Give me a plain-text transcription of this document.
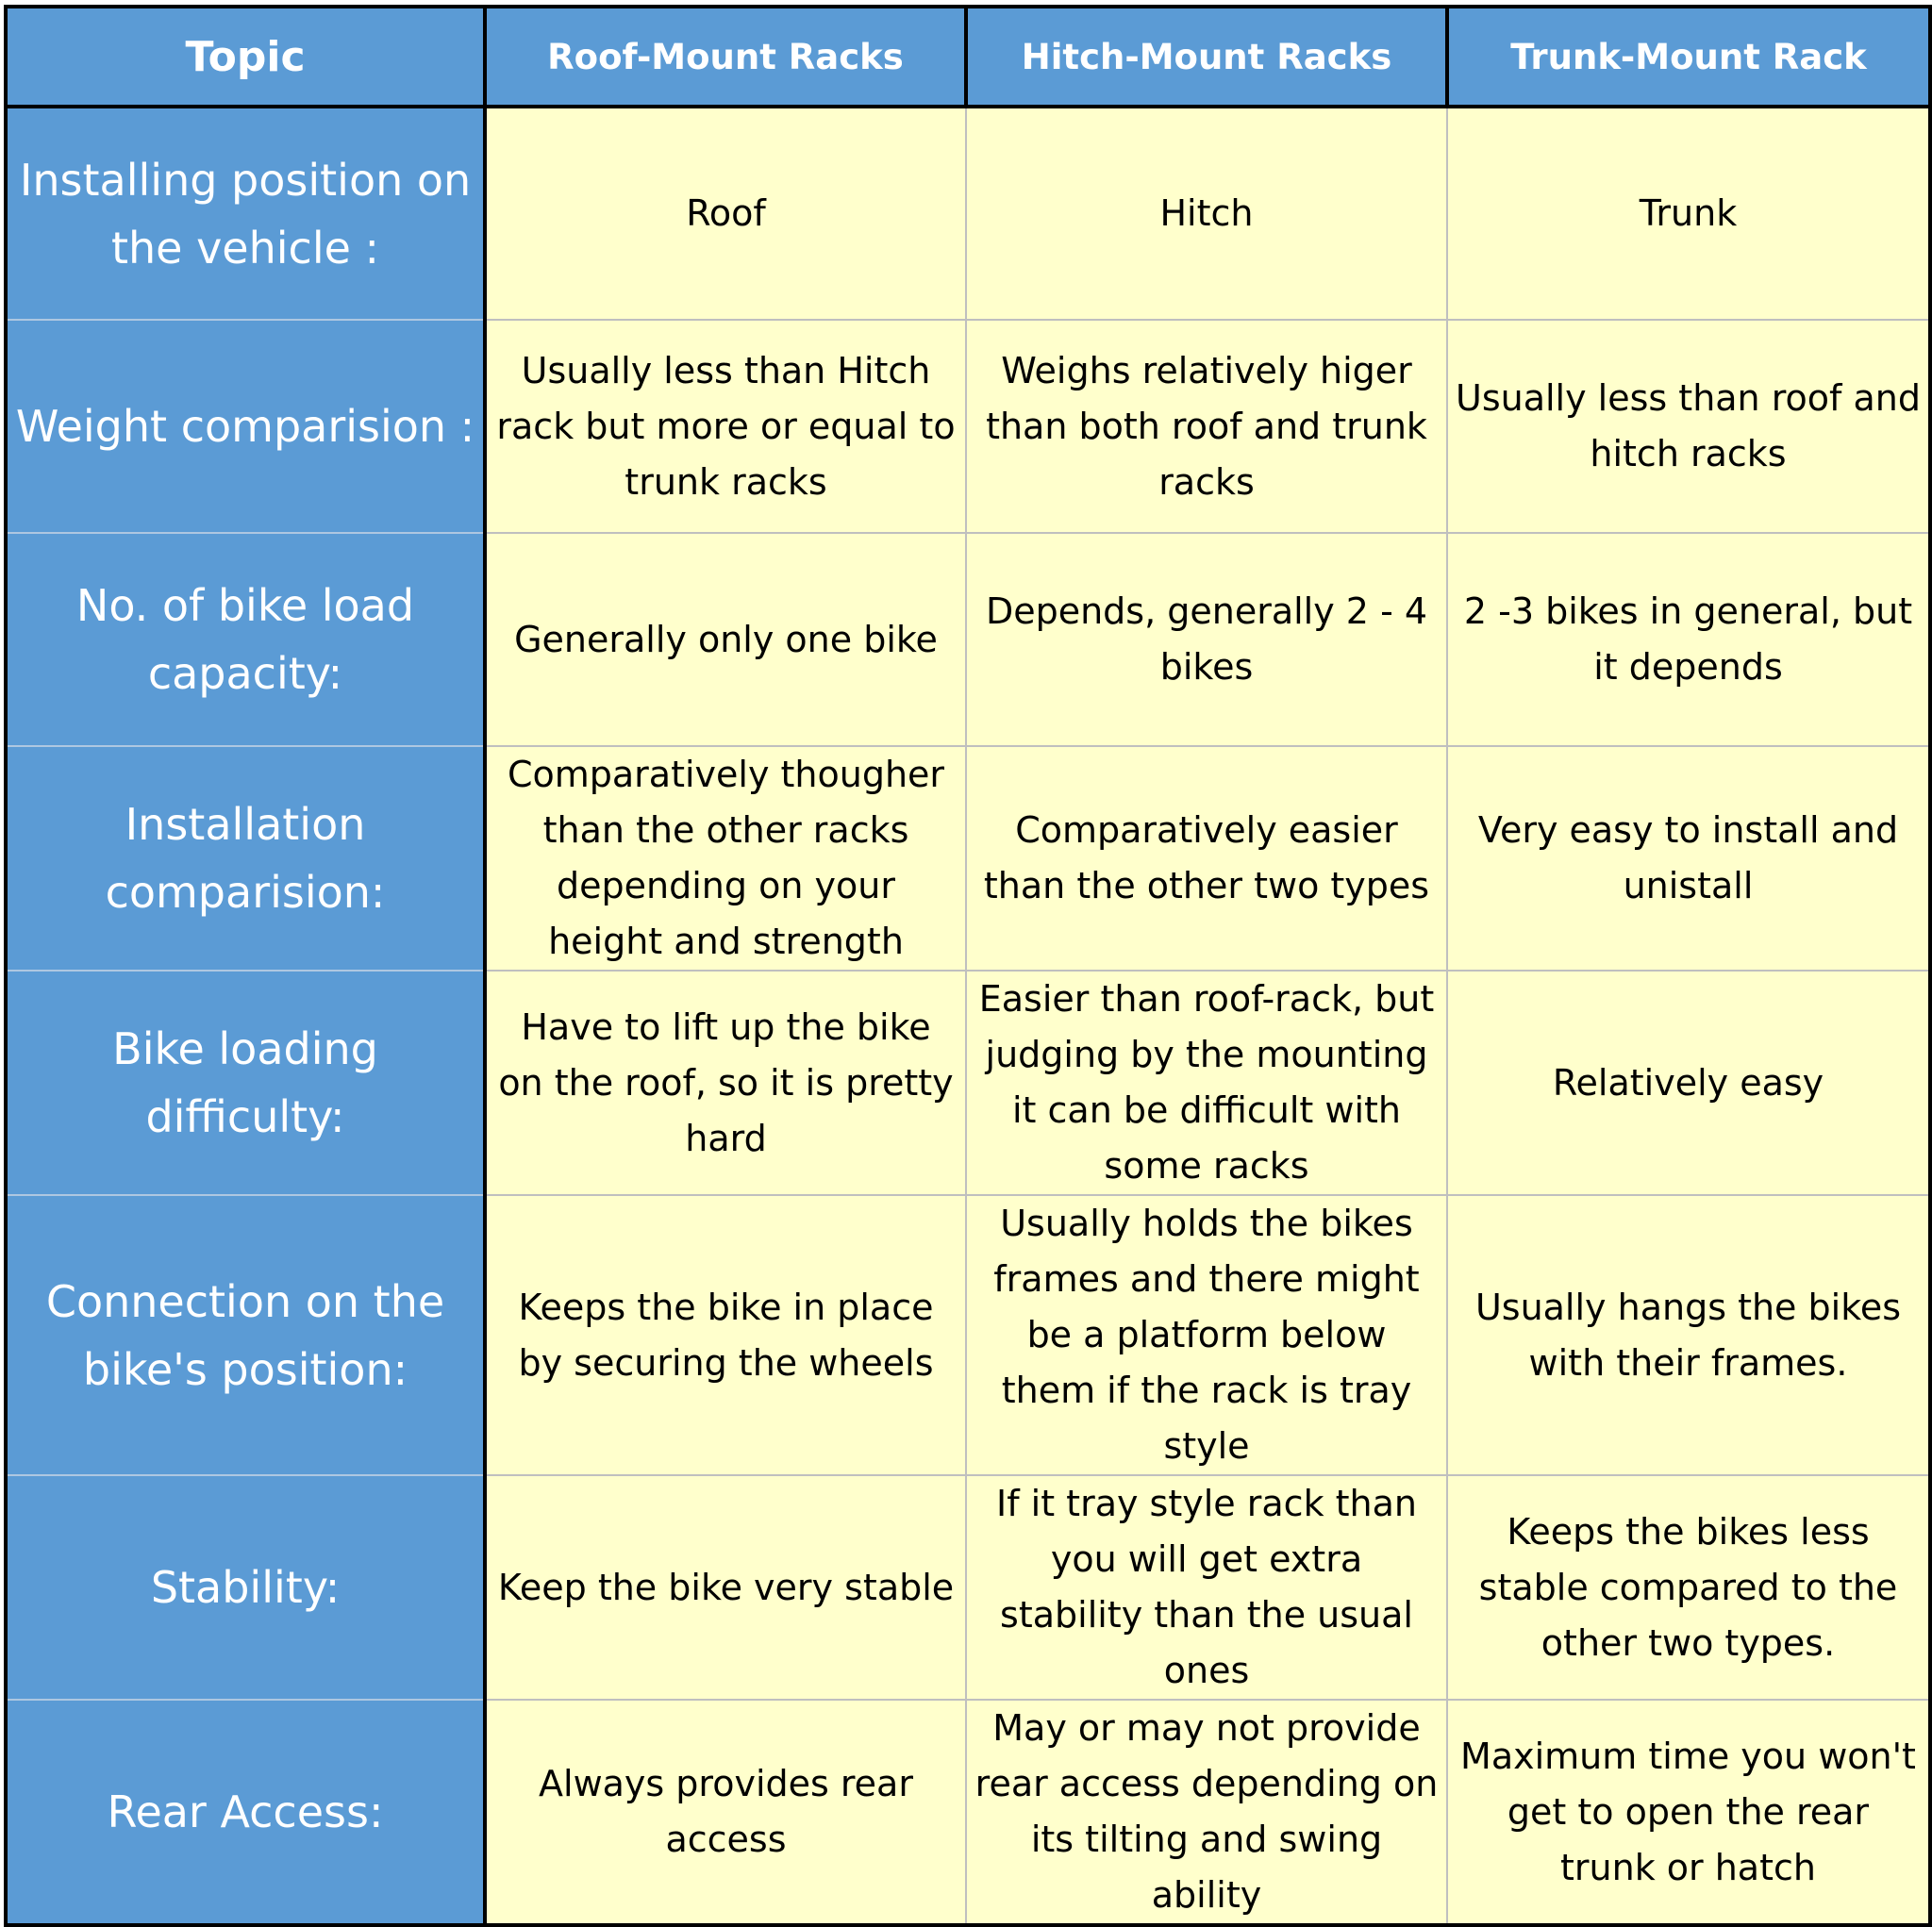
Topic	Roof-Mount Racks	Hitch-Mount Racks	Trunk-Mount Rack
Installing position on the vehicle :	Roof	Hitch	Trunk
Weight comparision :	Usually less than Hitch rack but more or equal to trunk racks	Weighs relatively higer than both roof and trunk racks	Usually less than roof and hitch racks
No. of bike load capacity:	Generally only one bike	Depends, generally 2 - 4 bikes	2 -3 bikes in general, but it depends
Installation comparision:	Comparatively thougher than the other racks depending on your height and strength	Comparatively easier than the other two types	Very easy to install and unistall
Bike loading difficulty:	Have to lift up the bike on the roof, so it is pretty hard	Easier than roof-rack, but judging by the mounting it can be difficult with some racks	Relatively easy
Connection on the bike's position:	Keeps the bike in place by securing the wheels	Usually holds the bikes frames and there might be a platform below them if the rack is tray style	Usually hangs the bikes with their frames.
Stability:	Keep the bike very stable	If it tray style rack than you will get extra stability than the usual ones	Keeps the bikes less stable compared to the other two types.
Rear Access:	Always provides rear access	May or may not provide rear access depending on its tilting and swing ability	Maximum time you won't get to open the rear trunk or hatch
